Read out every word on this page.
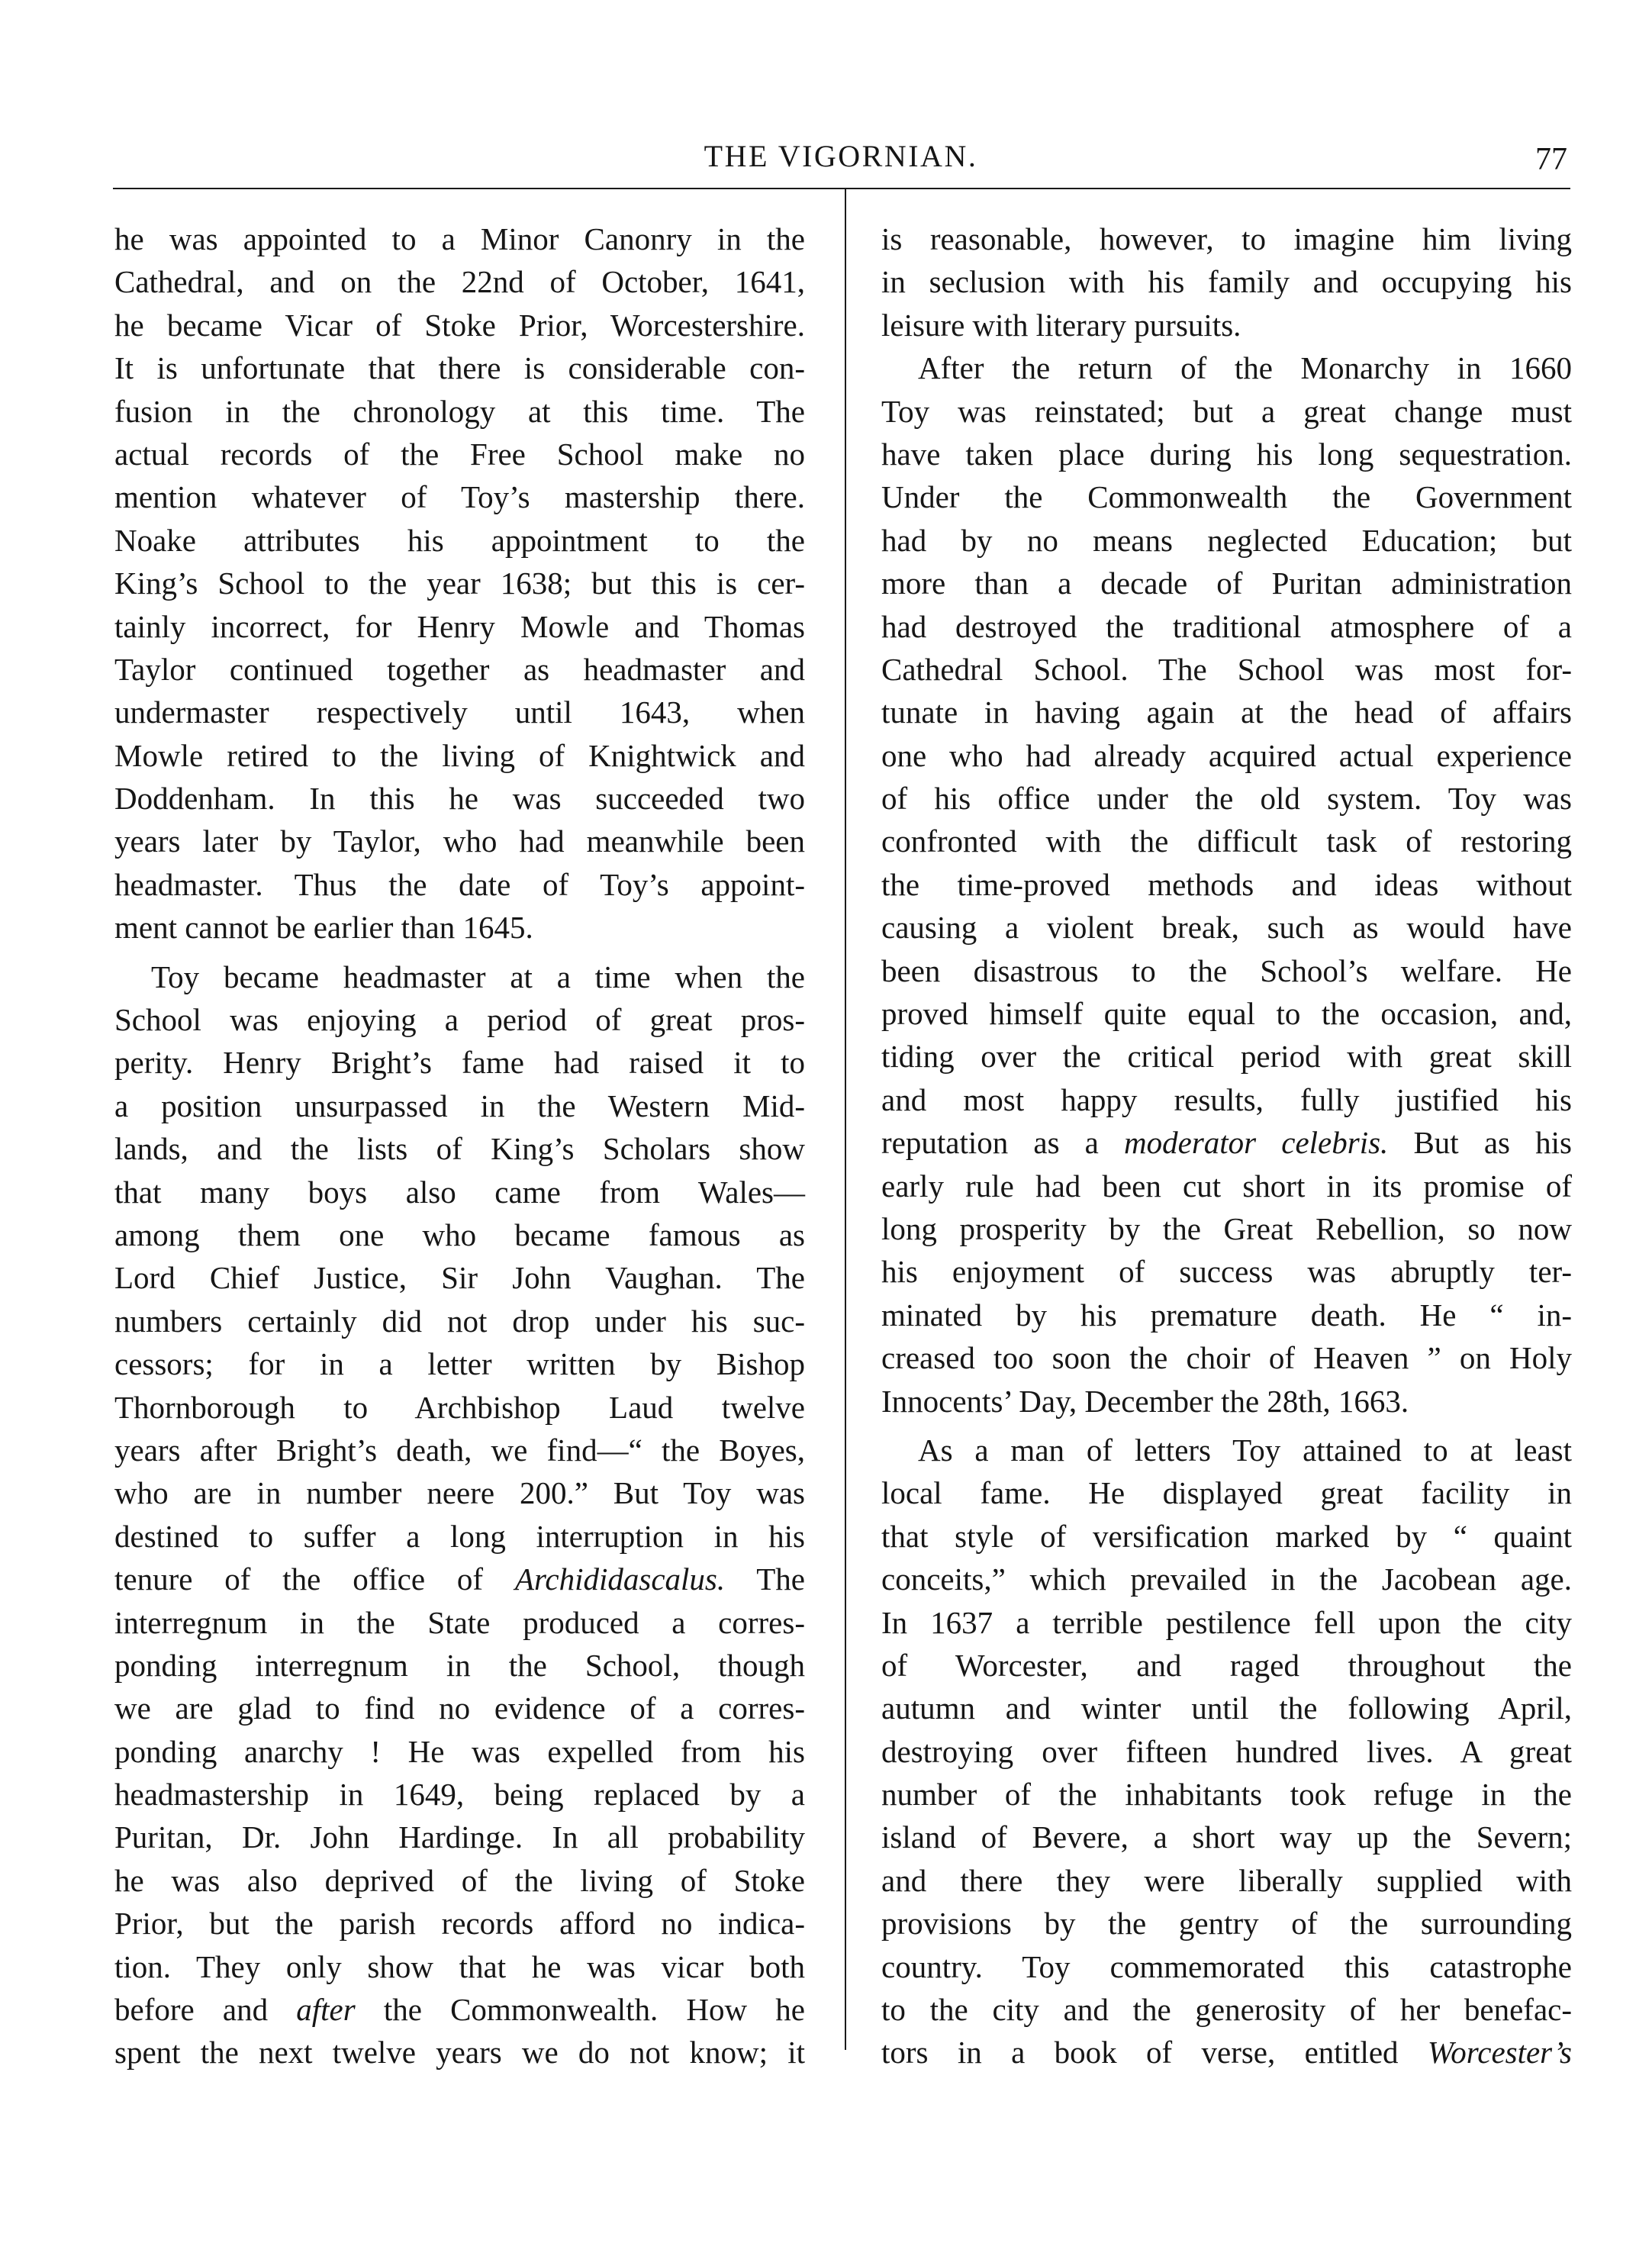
THE VIGORNIAN.	77
he was appointed to a Minor Canonry in the
Cathedral, and on the 22nd of October, 1641,
he became Vicar of Stoke Prior, Worcestershire.
It is unfortunate that there is considerable con-
fusion in the chronology at this time. The
actual records of the Free School make no
mention whatever of Toy’s mastership there.
Noake attributes his appointment to the
King’s School to the year 1638; but this is cer-
tainly incorrect, for Henry Mowle and Thomas
Taylor continued together as headmaster and
undermaster respectively until 1643, when
Mowle retired to the living of Knightwick and
Doddenham. In this he was succeeded two
years later by Taylor, who had meanwhile been
headmaster. Thus the date of Toy’s appoint-
ment cannot be earlier than 1645.
Toy became headmaster at a time when the
School was enjoying a period of great pros-
perity. Henry Bright’s fame had raised it to
a position unsurpassed in the Western Mid-
lands, and the lists of King’s Scholars show
that many boys also came from Wales—
among them one who became famous as
Lord Chief Justice, Sir John Vaughan. The
numbers certainly did not drop under his suc-
cessors; for in a letter written by Bishop
Thornborough to Archbishop Laud twelve
years after Bright’s death, we find—“ the Boyes,
who are in number neere 200.” But Toy was
destined to suffer a long interruption in his
tenure of the office of Archididascalus. The
interregnum in the State produced a corres-
ponding interregnum in the School, though
we are glad to find no evidence of a corres-
ponding anarchy ! He was expelled from his
headmastership in 1649, being replaced by a
Puritan, Dr. John Hardinge. In all probability
he was also deprived of the living of Stoke
Prior, but the parish records afford no indica-
tion. They only show that he was vicar both
before and after the Commonwealth. How he
spent the next twelve years we do not know; it
is reasonable, however, to imagine him living
in seclusion with his family and occupying his
leisure with literary pursuits.
After the return of the Monarchy in 1660
Toy was reinstated; but a great change must
have taken place during his long sequestration.
Under the Commonwealth the Government
had by no means neglected Education; but
more than a decade of Puritan administration
had destroyed the traditional atmosphere of a
Cathedral School. The School was most for-
tunate in having again at the head of affairs
one who had already acquired actual experience
of his office under the old system. Toy was
confronted with the difficult task of restoring
the time-proved methods and ideas without
causing a violent break, such as would have
been disastrous to the School’s welfare. He
proved himself quite equal to the occasion, and,
tiding over the critical period with great skill
and most happy results, fully justified his
reputation as a moderator celebris. But as his
early rule had been cut short in its promise of
long prosperity by the Great Rebellion, so now
his enjoyment of success was abruptly ter-
minated by his premature death. He “ in-
creased too soon the choir of Heaven ” on Holy
Innocents’ Day, December the 28th, 1663.
As a man of letters Toy attained to at least
local fame. He displayed great facility in
that style of versification marked by “ quaint
conceits,” which prevailed in the Jacobean age.
In 1637 a terrible pestilence fell upon the city
of Worcester, and raged throughout the
autumn and winter until the following April,
destroying over fifteen hundred lives. A great
number of the inhabitants took refuge in the
island of Bevere, a short way up the Severn;
and there they were liberally supplied with
provisions by the gentry of the surrounding
country. Toy commemorated this catastrophe
to the city and the generosity of her benefac-
tors in a book of verse, entitled Worcester’s
